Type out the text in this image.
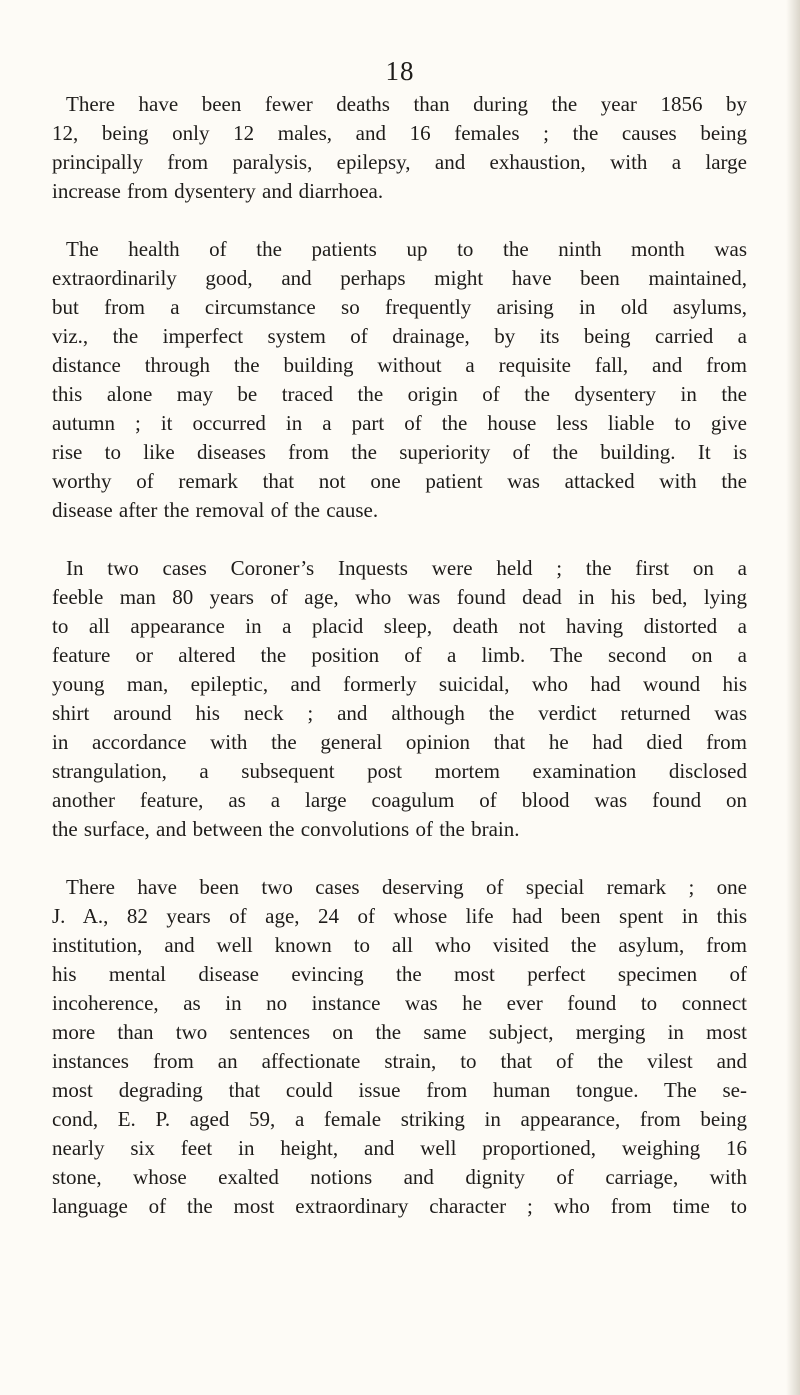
18

There have been fewer deaths than during the year 1856 by
12, being only 12 males, and 16 females ; the causes being
principally from paralysis, epilepsy, and exhaustion, with a large
increase from dysentery and diarrhoea.

The health of the patients up to the ninth month was
extraordinarily good, and perhaps might have been maintained,
but from a circumstance so frequently arising in old asylums,
viz., the imperfect system of drainage, by its being carried a
distance through the building without a requisite fall, and from
this alone may be traced the origin of the dysentery in the
autumn ; it occurred in a part of the house less liable to give
rise to like diseases from the superiority of the building. It is
worthy of remark that not one patient was attacked with the
disease after the removal of the cause.

In two cases Coroner’s Inquests were held ; the first on a
feeble man 80 years of age, who was found dead in his bed, lying
to all appearance in a placid sleep, death not having distorted a
feature or altered the position of a limb. The second on a
young man, epileptic, and formerly suicidal, who had wound his
shirt around his neck ; and although the verdict returned was
in accordance with the general opinion that he had died from
strangulation, a subsequent post mortem examination disclosed
another feature, as a large coagulum of blood was found on
the surface, and between the convolutions of the brain.

There have been two cases deserving of special remark ; one
J. A., 82 years of age, 24 of whose life had been spent in this
institution, and well known to all who visited the asylum, from
his mental disease evincing the most perfect specimen of
incoherence, as in no instance was he ever found to connect
more than two sentences on the same subject, merging in most
instances from an affectionate strain, to that of the vilest and
most degrading that could issue from human tongue. The se-
cond, E. P. aged 59, a female striking in appearance, from being
nearly six feet in height, and well proportioned, weighing 16
stone, whose exalted notions and dignity of carriage, with
language of the most extraordinary character ; who from time to
